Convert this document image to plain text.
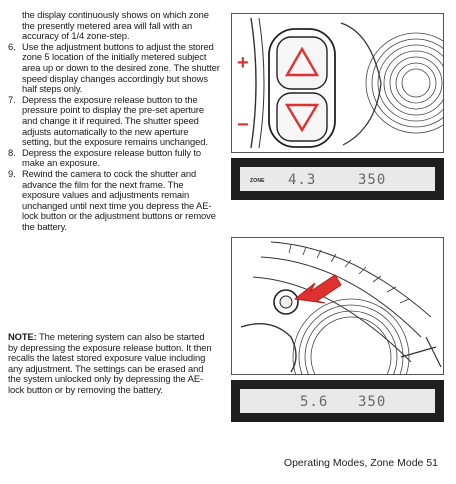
the display continuously shows on which zone the presently metered area will fall with an accuracy of 1/4 zone-step.

6. Use the adjustment buttons to adjust the stored zone 5 location of the initially metered subject area up or down to the desired zone. The shutter speed display changes accordingly but shows half steps only.
7. Depress the exposure release button to the pressure point to display the pre-set aperture and change it if required. The shutter speed adjusts automatically to the new aperture setting, but the exposure remains unchanged.
8. Depress the exposure release button fully to make an exposure.
9. Rewind the camera to cock the shutter and advance the film for the next frame. The exposure values and adjustments remain unchanged until next time you depress the AE-lock button or the adjustment buttons or remove the battery.

NOTE: The metering system can also be started by depressing the exposure release button. It then recalls the latest stored exposure value including any adjustment. The settings can be erased and the system unlocked only by depressing the AE-lock button or by removing the battery.

+
−
ZONE 4.3	350
5.6 350
Operating Modes, Zone Mode 51
